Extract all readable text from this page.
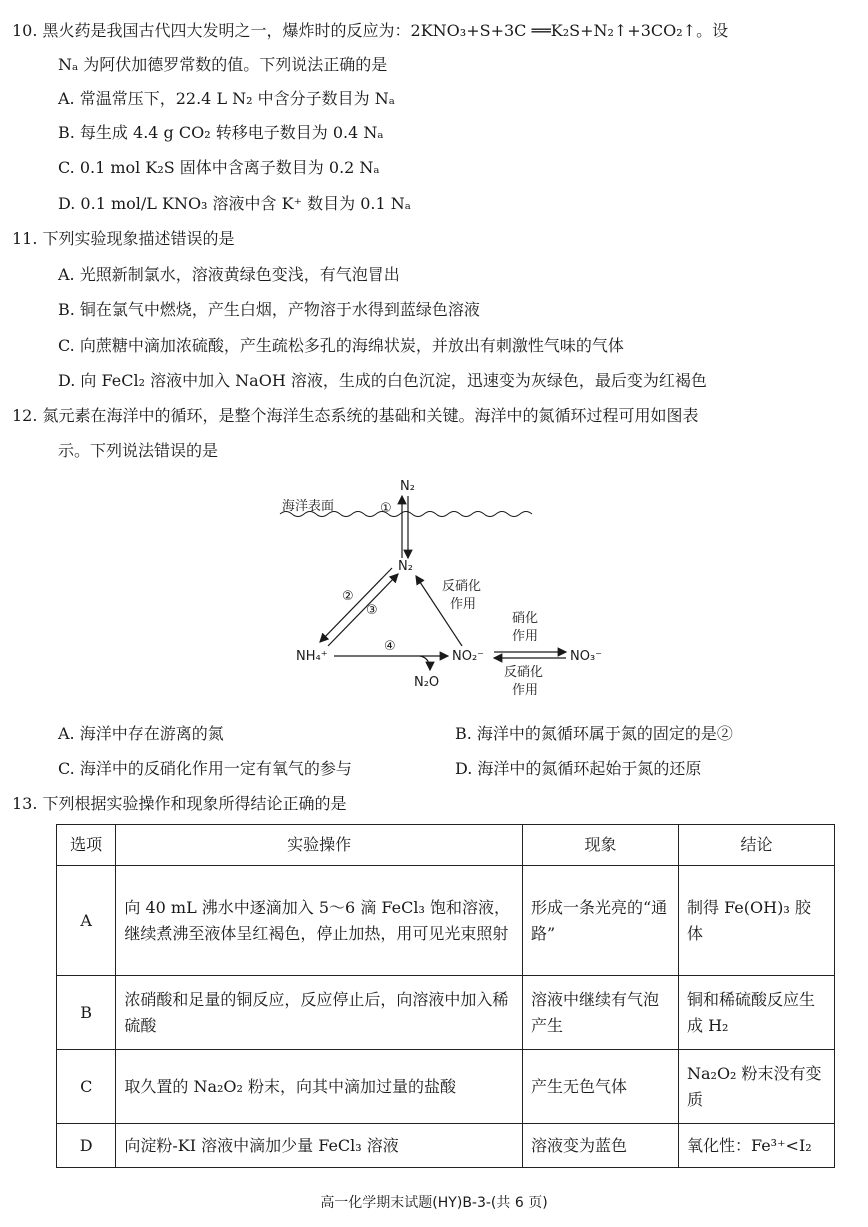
10. 黑火药是我国古代四大发明之一，爆炸时的反应为：2KNO₃+S+3C ══K₂S+N₂↑+3CO₂↑。设
Nₐ 为阿伏加德罗常数的值。下列说法正确的是
A. 常温常压下，22.4 L N₂ 中含分子数目为 Nₐ
B. 每生成 4.4 g CO₂ 转移电子数目为 0.4 Nₐ
C. 0.1 mol K₂S 固体中含离子数目为 0.2 Nₐ
D. 0.1 mol/L KNO₃ 溶液中含 K⁺ 数目为 0.1 Nₐ
11. 下列实验现象描述错误的是
A. 光照新制氯水，溶液黄绿色变浅，有气泡冒出
B. 铜在氯气中燃烧，产生白烟，产物溶于水得到蓝绿色溶液
C. 向蔗糖中滴加浓硫酸，产生疏松多孔的海绵状炭，并放出有刺激性气味的气体
D. 向 FeCl₂ 溶液中加入 NaOH 溶液，生成的白色沉淀，迅速变为灰绿色，最后变为红褐色
12. 氮元素在海洋中的循环，是整个海洋生态系统的基础和关键。海洋中的氮循环过程可用如图表
示。下列说法错误的是
海洋表面
N₂
①
N₂
②
③
反硝化
作用
NH₄⁺
④
N₂O
NO₂⁻
硝化
作用
反硝化
作用
NO₃⁻
A. 海洋中存在游离的氮	B. 海洋中的氮循环属于氮的固定的是②
C. 海洋中的反硝化作用一定有氧气的参与	D. 海洋中的氮循环起始于氮的还原
13. 下列根据实验操作和现象所得结论正确的是
选项	实验操作	现象	结论
A	向 40 mL 沸水中逐滴加入 5～6 滴 FeCl₃ 饱和溶液，继续煮沸至液体呈红褐色，停止加热，用可见光束照射	形成一条光亮的“通路”	制得 Fe(OH)₃ 胶体
B	浓硝酸和足量的铜反应，反应停止后，向溶液中加入稀硫酸	溶液中继续有气泡产生	铜和稀硫酸反应生成 H₂
C	取久置的 Na₂O₂ 粉末，向其中滴加过量的盐酸	产生无色气体	Na₂O₂ 粉末没有变质
D	向淀粉-KI 溶液中滴加少量 FeCl₃ 溶液	溶液变为蓝色	氧化性：Fe³⁺<I₂
高一化学期末试题(HY)B-3-(共 6 页)
